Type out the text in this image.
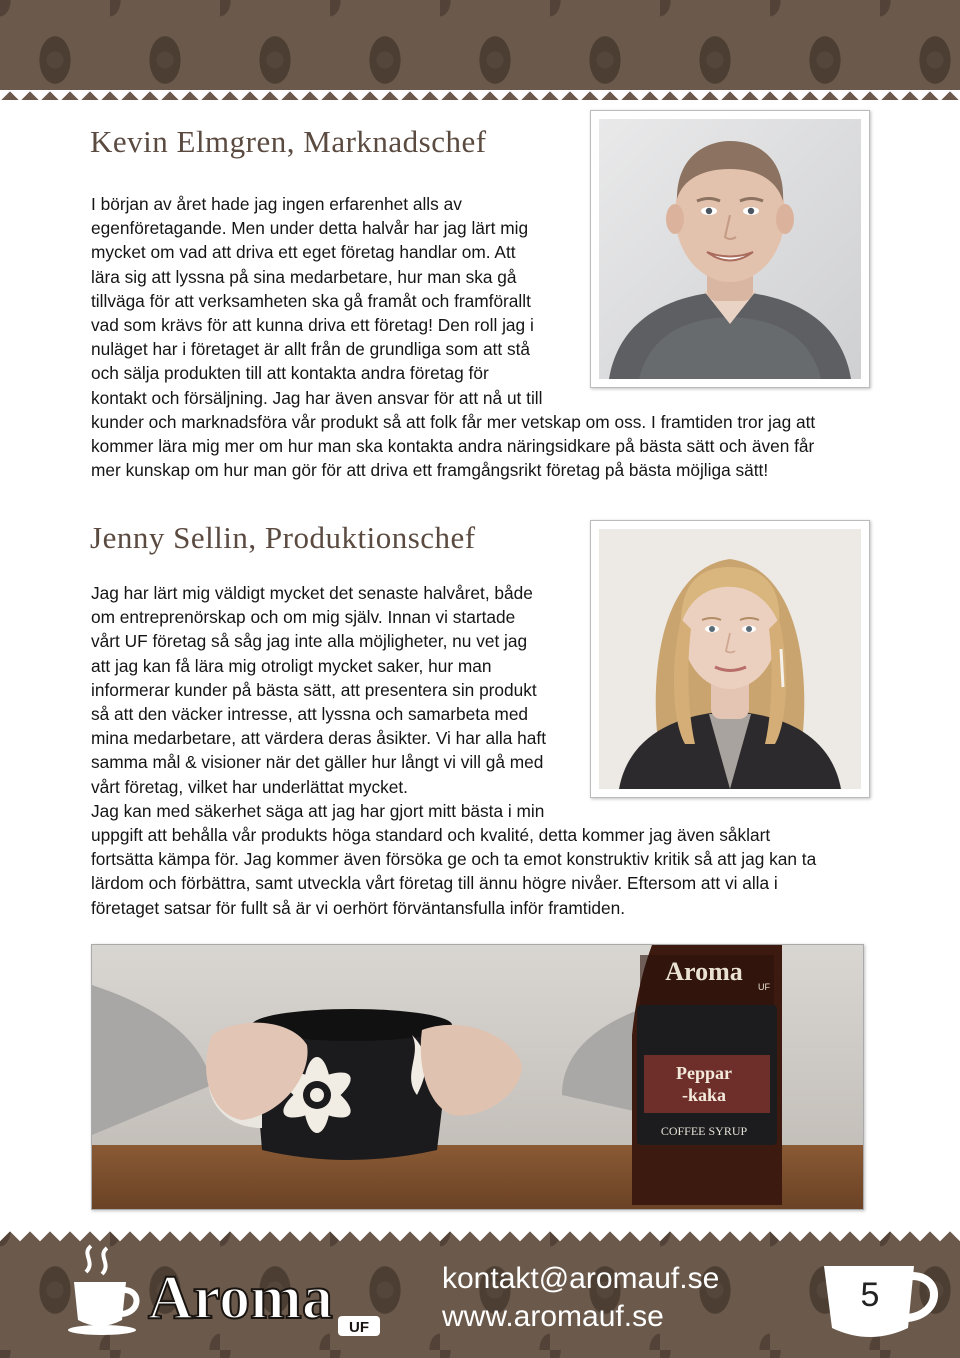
Kevin Elmgren, Marknadschef
I början av året hade jag ingen erfarenhet alls av
egenföretagande. Men under detta halvår har jag lärt mig
mycket om vad att driva ett eget företag handlar om. Att
lära sig att lyssna på sina medarbetare, hur man ska gå
tillväga för att verksamheten ska gå framåt och framförallt
vad som krävs för att kunna driva ett företag! Den roll jag i
nuläget har i företaget är allt från de grundliga som att stå
och sälja produkten till att kontakta andra företag för
kontakt och försäljning. Jag har även ansvar för att nå ut till
kunder och marknadsföra vår produkt så att folk får mer vetskap om oss. I framtiden tror jag att
kommer lära mig mer om hur man ska kontakta andra näringsidkare på bästa sätt och även får
mer kunskap om hur man gör för att driva ett framgångsrikt företag på bästa möjliga sätt!
Jenny Sellin, Produktionschef
Jag har lärt mig väldigt mycket det senaste halvåret, både
om entreprenörskap och om mig själv. Innan vi startade
vårt UF företag så såg jag inte alla möjligheter, nu vet jag
att jag kan få lära mig otroligt mycket saker, hur man
informerar kunder på bästa sätt, att presentera sin produkt
så att den väcker intresse, att lyssna och samarbeta med
mina medarbetare, att värdera deras åsikter. Vi har alla haft
samma mål & visioner när det gäller hur långt vi vill gå med
vårt företag, vilket har underlättat mycket.
Jag kan med säkerhet säga att jag har gjort mitt bästa i min
uppgift att behålla vår produkts höga standard och kvalité, detta kommer jag även såklart
fortsätta kämpa för. Jag kommer även försöka ge och ta emot konstruktiv kritik så att jag kan ta
lärdom och förbättra, samt utveckla vårt företag till ännu högre nivåer. Eftersom att vi alla i
företaget satsar för fullt så är vi oerhört förväntansfulla inför framtiden.
Aroma
UF
Peppar
-kaka
COFFEE SYRUP
Aroma UF
kontakt@aromauf.se
www.aromauf.se
5
